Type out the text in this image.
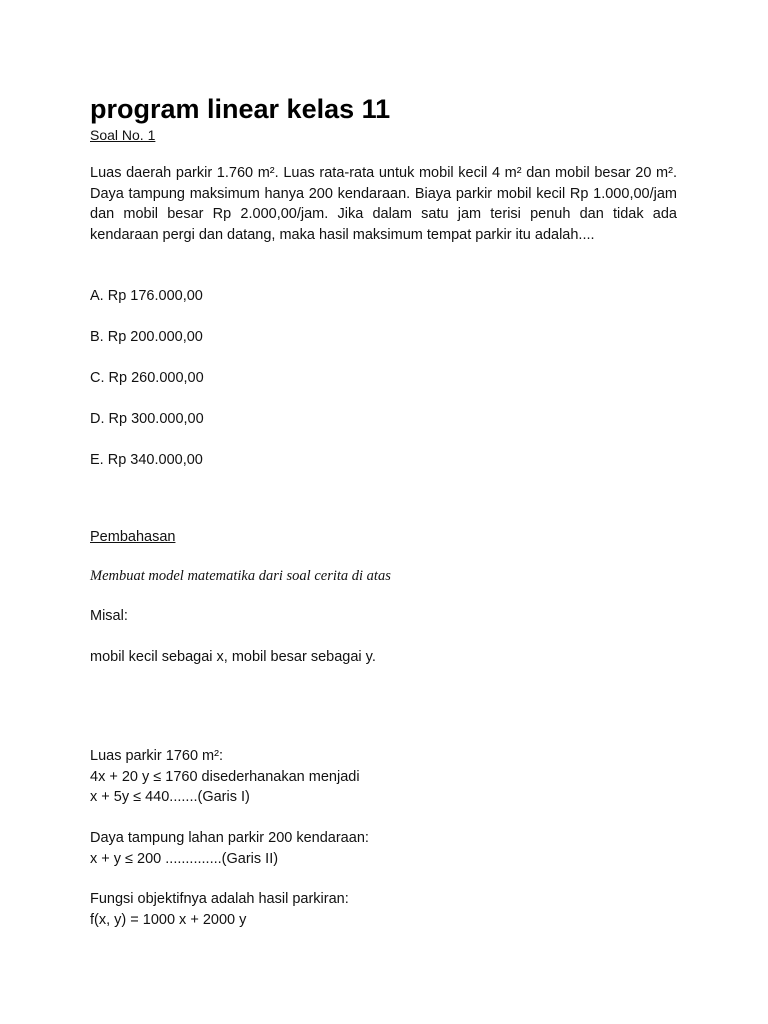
program linear kelas 11
Soal No. 1

Luas daerah parkir 1.760 m². Luas rata-rata untuk mobil kecil 4 m² dan mobil besar 20 m². Daya tampung maksimum hanya 200 kendaraan. Biaya parkir mobil kecil Rp 1.000,00/jam dan mobil besar Rp 2.000,00/jam. Jika dalam satu jam terisi penuh dan tidak ada kendaraan pergi dan datang, maka hasil maksimum tempat parkir itu adalah....

A. Rp 176.000,00
B. Rp 200.000,00
C. Rp 260.000,00
D. Rp 300.000,00
E. Rp 340.000,00
Pembahasan
Membuat model matematika dari soal cerita di atas
Misal:
mobil kecil sebagai x, mobil besar sebagai y.
Luas parkir 1760 m²:
4x + 20 y ≤ 1760 disederhanakan menjadi
x + 5y ≤ 440.......(Garis I)
Daya tampung lahan parkir 200 kendaraan:
x + y ≤ 200 ..............(Garis II)
Fungsi objektifnya adalah hasil parkiran:
f(x, y) = 1000 x + 2000 y
